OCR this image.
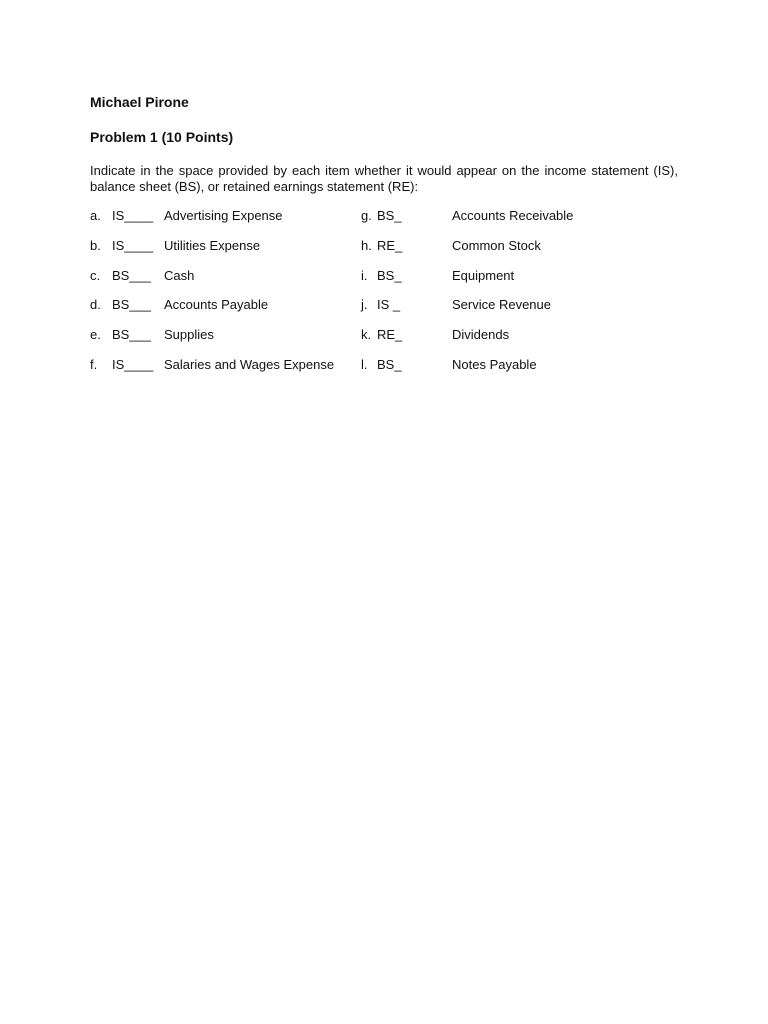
Michael Pirone
Problem 1 (10 Points)
Indicate in the space provided by each item whether it would appear on the income statement (IS), balance sheet (BS), or retained earnings statement (RE):
a. IS____ Advertising Expense	g. BS_	Accounts Receivable
b. IS____ Utilities Expense	h. RE_	Common Stock
c. BS___ Cash	i. BS_	Equipment
d. BS___ Accounts Payable	j. IS _	Service Revenue
e. BS___ Supplies	k. RE_	Dividends
f. IS____ Salaries and Wages Expense l. BS_	Notes Payable
